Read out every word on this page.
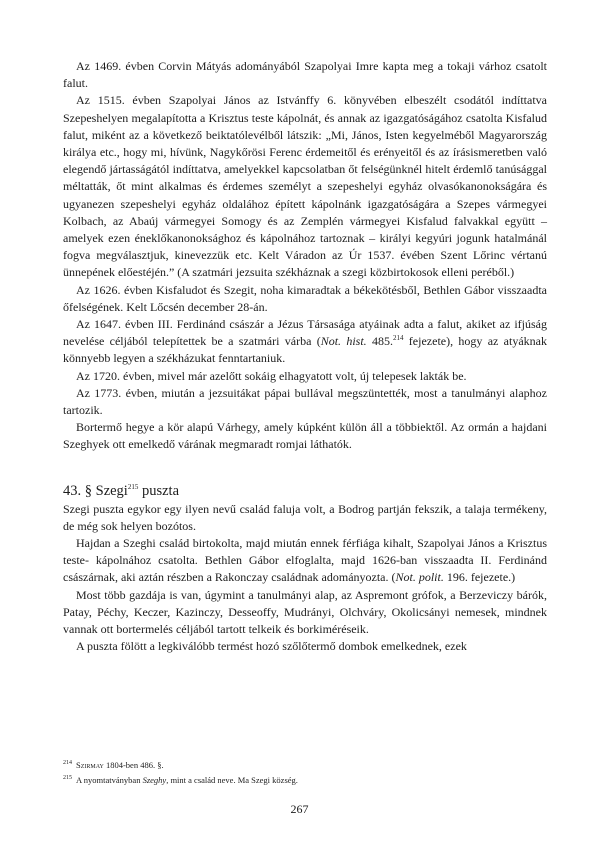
Az 1469. évben Corvin Mátyás adományából Szapolyai Imre kapta meg a tokaji várhoz csatolt falut.

Az 1515. évben Szapolyai János az Istvánffy 6. könyvében elbeszélt csodától indíttatva Szepeshelyen megalapította a Krisztus teste kápolnát, és annak az igazgatóságához csatolta Kisfalud falut, miként az a következő beiktatólevélből látszik: „Mi, János, Isten kegyelméből Magyarország királya etc., hogy mi, hívünk, Nagykőrösi Ferenc érdemeitől és erényeitől és az írásismeretben való elegendő jártasságától indíttatva, amelyekkel kapcsolatban őt felségünknél hitelt érdemlő tanúsággal méltatták, őt mint alkalmas és érdemes személyt a szepeshelyi egyház olvasókanonokságára és ugyanezen szepeshelyi egyház oldalához épített kápolnánk igazgatóságára a Szepes vármegyei Kolbach, az Abaúj vármegyei Somogy és az Zemplén vármegyei Kisfalud falvakkal együtt – amelyek ezen éneklőkanonoksághoz és kápolnához tartoznak – királyi kegyúri jogunk hatalmánál fogva megválasztjuk, kinevezzük etc. Kelt Váradon az Úr 1537. évében Szent Lőrinc vértanú ünnepének előestéjén.” (A szatmári jezsuita székháznak a szegi közbirtokosok elleni peréből.)

Az 1626. évben Kisfaludot és Szegit, noha kimaradtak a békekötésből, Bethlen Gábor visszaadta őfelségének. Kelt Lőcsén december 28-án.

Az 1647. évben III. Ferdinánd császár a Jézus Társasága atyáinak adta a falut, akiket az ifjúság nevelése céljából telepítettek be a szatmári várba (Not. hist. 485.$^{214}$ fejezete), hogy az atyáknak könnyebb legyen a székházukat fenntartaniuk.

Az 1720. évben, mivel már azelőtt sokáig elhagyatott volt, új telepesek lakták be.

Az 1773. évben, miután a jezsuitákat pápai bullával megszüntették, most a tanulmányi alaphoz tartozik.

Bortermő hegye a kör alapú Várhegy, amely kúpként külön áll a többiektől. Az ormán a hajdani Szeghyek ott emelkedő várának megmaradt romjai láthatók.

43. § Szegi$^{215}$ puszta

Szegi puszta egykor egy ilyen nevű család faluja volt, a Bodrog partján fekszik, a talaja termékeny, de még sok helyen bozótos.

Hajdan a Szeghi család birtokolta, majd miután ennek férfiága kihalt, Szapolyai János a Krisztus teste- kápolnához csatolta. Bethlen Gábor elfoglalta, majd 1626-ban visszaadta II. Ferdinánd császárnak, aki aztán részben a Rakonczay családnak adományozta. (Not. polit. 196. fejezete.)

Most több gazdája is van, úgymint a tanulmányi alap, az Aspremont grófok, a Berzeviczy bárók, Patay, Péchy, Keczer, Kazinczy, Desseoffy, Mudrányi, Olchváry, Okolicsányi nemesek, mindnek vannak ott bortermelés céljából tartott telkeik és borkiméréseik.

A puszta fölött a legkiválóbb termést hozó szőlőtermő dombok emelkednek, ezek

$^{214}$ Szirmay 1804-ben 486. §.
$^{215}$ A nyomtatványban Szeghy, mint a család neve. Ma Szegi község.
267
